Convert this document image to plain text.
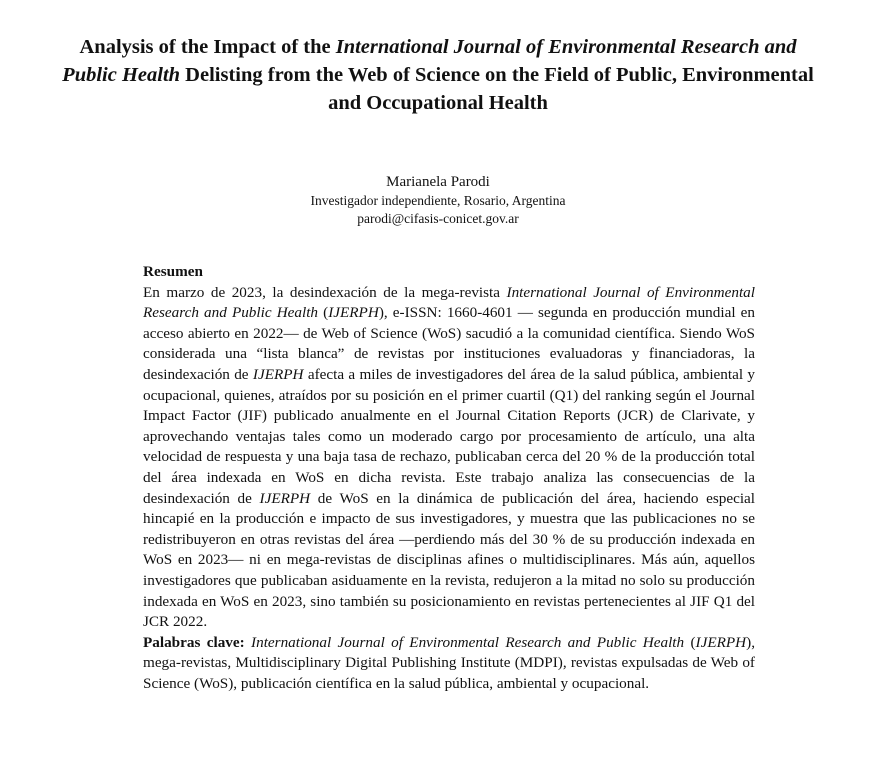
Analysis of the Impact of the International Journal of Environmental Research and Public Health Delisting from the Web of Science on the Field of Public, Environmental and Occupational Health
Marianela Parodi
Investigador independiente, Rosario, Argentina
parodi@cifasis-conicet.gov.ar
Resumen

En marzo de 2023, la desindexación de la mega-revista International Journal of Environmental Research and Public Health (IJERPH), e-ISSN: 1660-4601 — segunda en producción mundial en acceso abierto en 2022— de Web of Science (WoS) sacudió a la comunidad científica. Siendo WoS considerada una “lista blanca” de revistas por instituciones evaluadoras y financiadoras, la desindexación de IJERPH afecta a miles de investigadores del área de la salud pública, ambiental y ocupacional, quienes, atraídos por su posición en el primer cuartil (Q1) del ranking según el Journal Impact Factor (JIF) publicado anualmente en el Journal Citation Reports (JCR) de Clarivate, y aprovechando ventajas tales como un moderado cargo por procesamiento de artículo, una alta velocidad de respuesta y una baja tasa de rechazo, publicaban cerca del 20 % de la producción total del área indexada en WoS en dicha revista. Este trabajo analiza las consecuencias de la desindexación de IJERPH de WoS en la dinámica de publicación del área, haciendo especial hincapié en la producción e impacto de sus investigadores, y muestra que las publicaciones no se redistribuyeron en otras revistas del área —perdiendo más del 30 % de su producción indexada en WoS en 2023— ni en mega-revistas de disciplinas afines o multidisciplinares. Más aún, aquellos investigadores que publicaban asiduamente en la revista, redujeron a la mitad no solo su producción indexada en WoS en 2023, sino también su posicionamiento en revistas pertenecientes al JIF Q1 del JCR 2022.

Palabras clave: International Journal of Environmental Research and Public Health (IJERPH), mega-revistas, Multidisciplinary Digital Publishing Institute (MDPI), revistas expulsadas de Web of Science (WoS), publicación científica en la salud pública, ambiental y ocupacional.
